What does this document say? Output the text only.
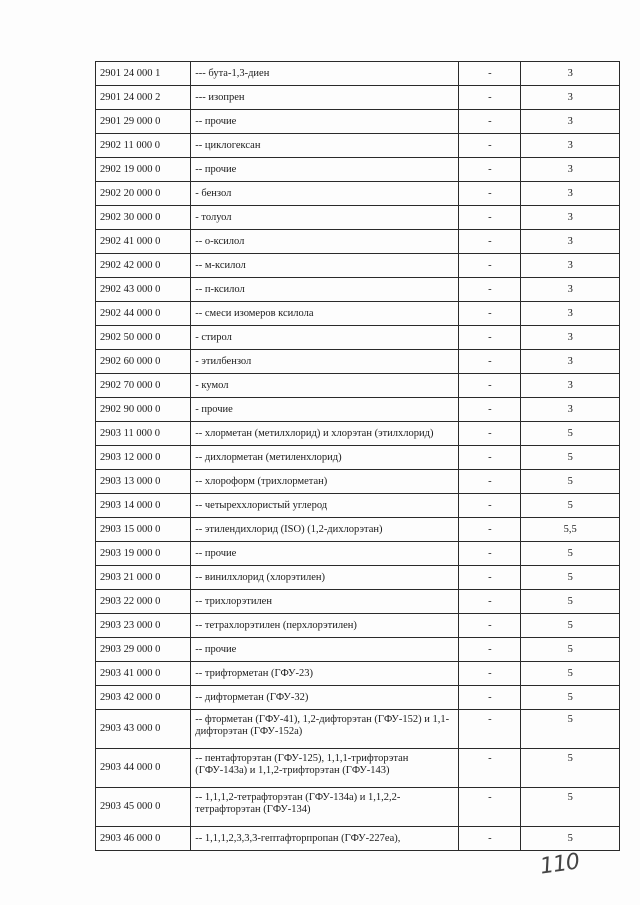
2901 24 000 1	--- бута-1,3-диен	-	3
2901 24 000 2	--- изопрен	-	3
2901 29 000 0	-- прочие	-	3
2902 11 000 0	-- циклогексан	-	3
2902 19 000 0	-- прочие	-	3
2902 20 000 0	- бензол	-	3
2902 30 000 0	- толуол	-	3
2902 41 000 0	-- о-ксилол	-	3
2902 42 000 0	-- м-ксилол	-	3
2902 43 000 0	-- п-ксилол	-	3
2902 44 000 0	-- смеси изомеров ксилола	-	3
2902 50 000 0	- стирол	-	3
2902 60 000 0	- этилбензол	-	3
2902 70 000 0	- кумол	-	3
2902 90 000 0	- прочие	-	3
2903 11 000 0	-- хлорметан (метилхлорид) и хлорэтан (этилхлорид)	-	5
2903 12 000 0	-- дихлорметан (метиленхлорид)	-	5
2903 13 000 0	-- хлороформ (трихлорметан)	-	5
2903 14 000 0	-- четыреххлористый углерод	-	5
2903 15 000 0	-- этилендихлорид (ISO) (1,2-дихлорэтан)	-	5,5
2903 19 000 0	-- прочие	-	5
2903 21 000 0	-- винилхлорид (хлорэтилен)	-	5
2903 22 000 0	-- трихлорэтилен	-	5
2903 23 000 0	-- тетрахлорэтилен (перхлорэтилен)	-	5
2903 29 000 0	-- прочие	-	5
2903 41 000 0	-- трифторметан (ГФУ-23)	-	5
2903 42 000 0	-- дифторметан (ГФУ-32)	-	5
2903 43 000 0	-- фторметан (ГФУ-41), 1,2-дифторэтан (ГФУ-152) и 1,1-дифторэтан (ГФУ-152а)	-	5
2903 44 000 0	-- пентафторэтан (ГФУ-125), 1,1,1-трифторэтан (ГФУ-143а) и 1,1,2-трифторэтан (ГФУ-143)	-	5
2903 45 000 0	-- 1,1,1,2-тетрафторэтан (ГФУ-134а) и 1,1,2,2-тетрафторэтан (ГФУ-134)	-	5
2903 46 000 0	-- 1,1,1,2,3,3,3-гептафторпропан (ГФУ-227еа),	-	5
110
